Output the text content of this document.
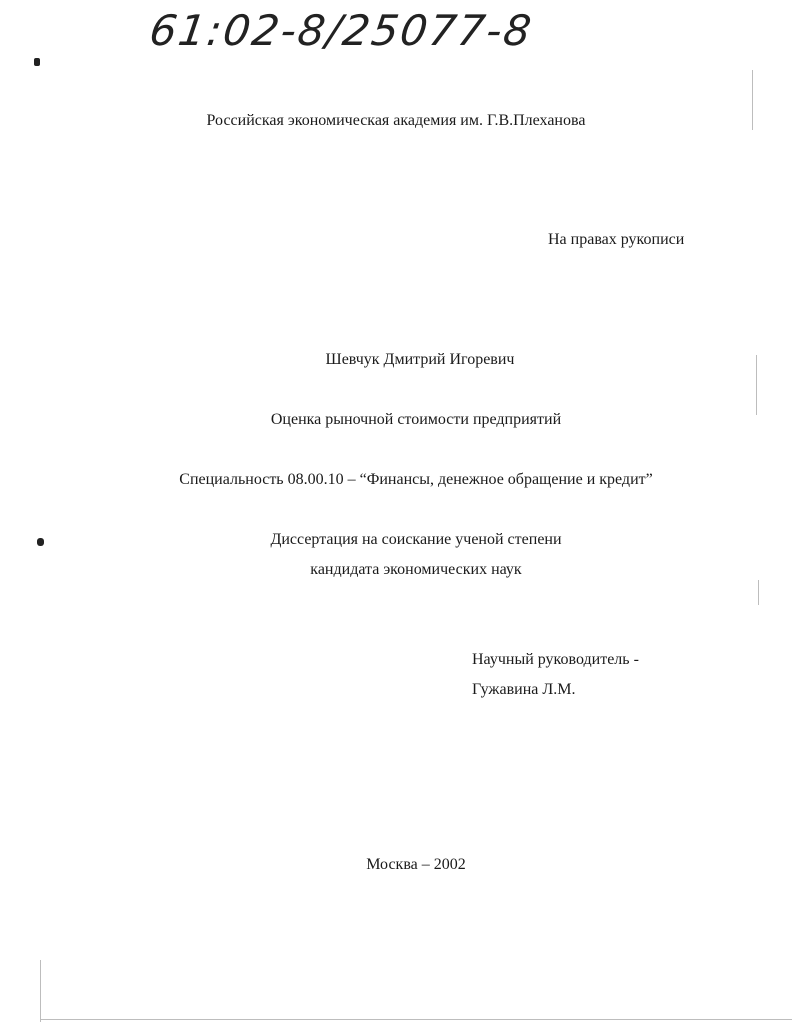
61:02-8/25077-8
Российская экономическая академия им. Г.В.Плеханова
На правах рукописи
Шевчук Дмитрий Игоревич
Оценка рыночной стоимости предприятий
Специальность 08.00.10 – “Финансы, денежное обращение и кредит”
Диссертация на соискание ученой степени
кандидата экономических наук
Научный руководитель -
Гужавина Л.М.
Москва – 2002
